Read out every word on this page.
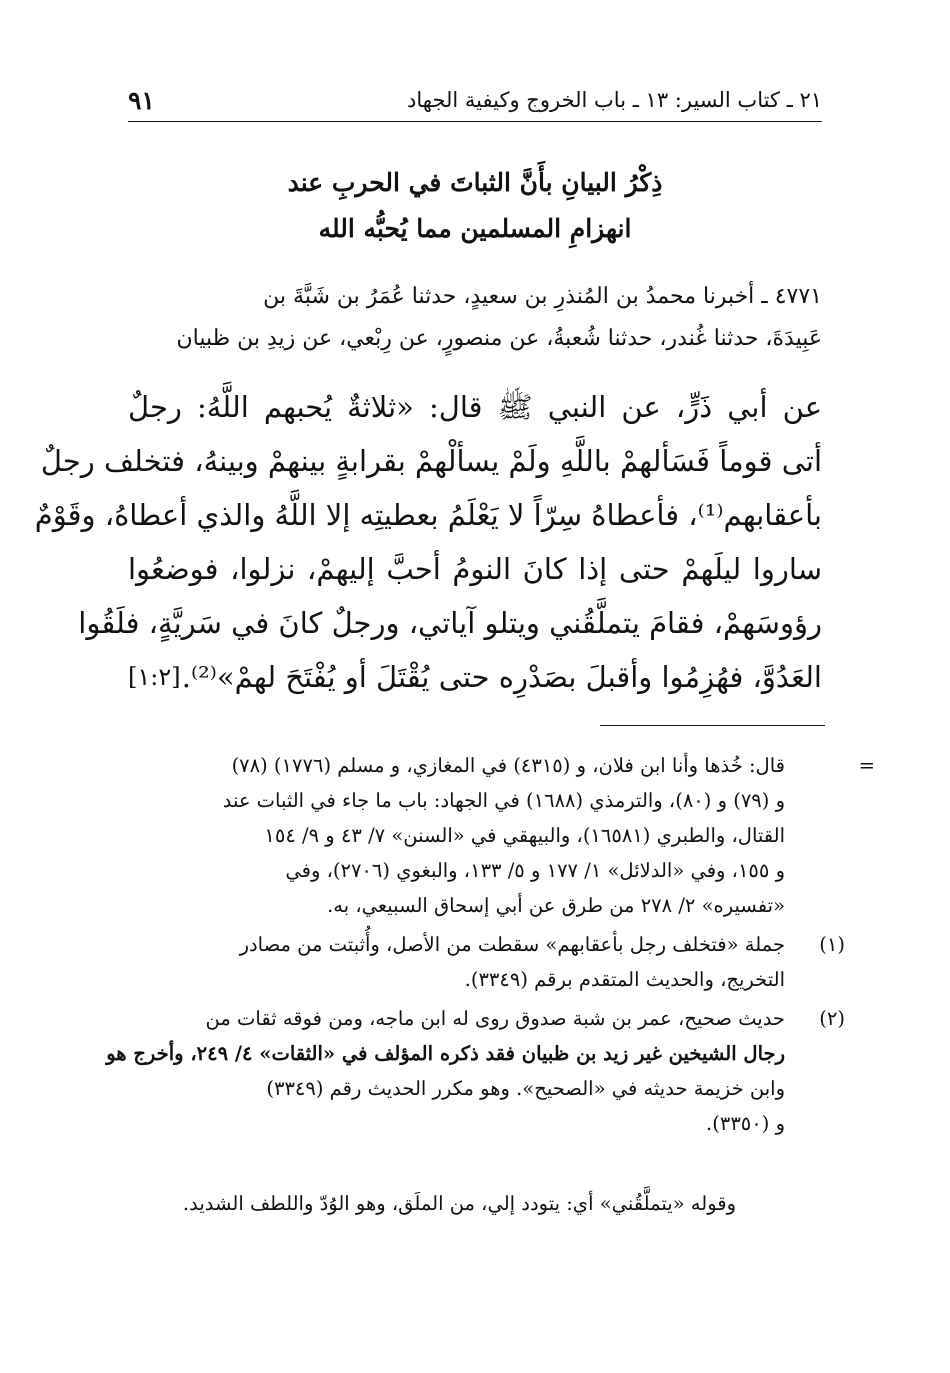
٢١ ـ كتاب السير: ١٣ ـ باب الخروج وكيفية الجهاد
٩١
ذِكْرُ البيانِ بأَنَّ الثباتَ في الحربِ عند
انهزامِ المسلمين مما يُحبُّه الله
٤٧٧١ ـ أخبرنا محمدُ بن المُنذرِ بن سعيدٍ، حدثنا عُمَرُ بن شَبَّةَ بن
عَبِيدَةَ، حدثنا غُندر، حدثنا شُعبةُ، عن منصورٍ، عن رِبْعي، عن زيدِ بن ظبيان
عن أبي ذَرٍّ، عن النبي ﷺ قال: «ثلاثةٌ يُحبهم اللَّهُ: رجلٌ
أتى قوماً فَسَألهمْ باللَّهِ ولَمْ يسألْهمْ بقرابةٍ بينهمْ وبينهُ، فتخلف رجلٌ
بأعقابهم⁽¹⁾، فأعطاهُ سِرّاً لا يَعْلَمُ بعطيتِه إلا اللَّهُ والذي أعطاهُ، وقَوْمٌ
ساروا ليلَهمْ حتى إذا كانَ النومُ أحبَّ إليهمْ، نزلوا، فوضعُوا
رؤوسَهمْ، فقامَ يتملَّقُني ويتلو آياتي، ورجلٌ كانَ في سَريَّةٍ، فلَقُوا
العَدُوَّ، فهُزِمُوا وأقبلَ بصَدْرِه حتى يُقْتَلَ أو يُفْتَحَ لهمْ»⁽²⁾.
[١:٢]
=
قال: خُذها وأنا ابن فلان، و (٤٣١٥) في المغازي، و مسلم (١٧٧٦) (٧٨)
و (٧٩) و (٨٠)، والترمذي (١٦٨٨) في الجهاد: باب ما جاء في الثبات عند
القتال، والطبري (١٦٥٨١)، والبيهقي في «السنن» ٧/ ٤٣ و ٩/ ١٥٤
و ١٥٥، وفي «الدلائل» ١/ ١٧٧ و ٥/ ١٣٣، والبغوي (٢٧٠٦)، وفي
«تفسيره» ٢/ ٢٧٨ من طرق عن أبي إسحاق السبيعي، به.
(١)
جملة «فتخلف رجل بأعقابهم» سقطت من الأصل، وأُثبتت من مصادر
التخريج، والحديث المتقدم برقم (٣٣٤٩).
(٢)
حديث صحيح، عمر بن شبة صدوق روى له ابن ماجه، ومن فوقه ثقات من
رجال الشيخين غير زيد بن ظبيان فقد ذكره المؤلف في «الثقات» ٤/ ٢٤٩، وأخرج هو
وابن خزيمة حديثه في «الصحيح». وهو مكرر الحديث رقم (٣٣٤٩)
و (٣٣٥٠).
وقوله «يتملَّقُني» أي: يتودد إلي، من الملَق، وهو الوُدّ واللطف الشديد.
